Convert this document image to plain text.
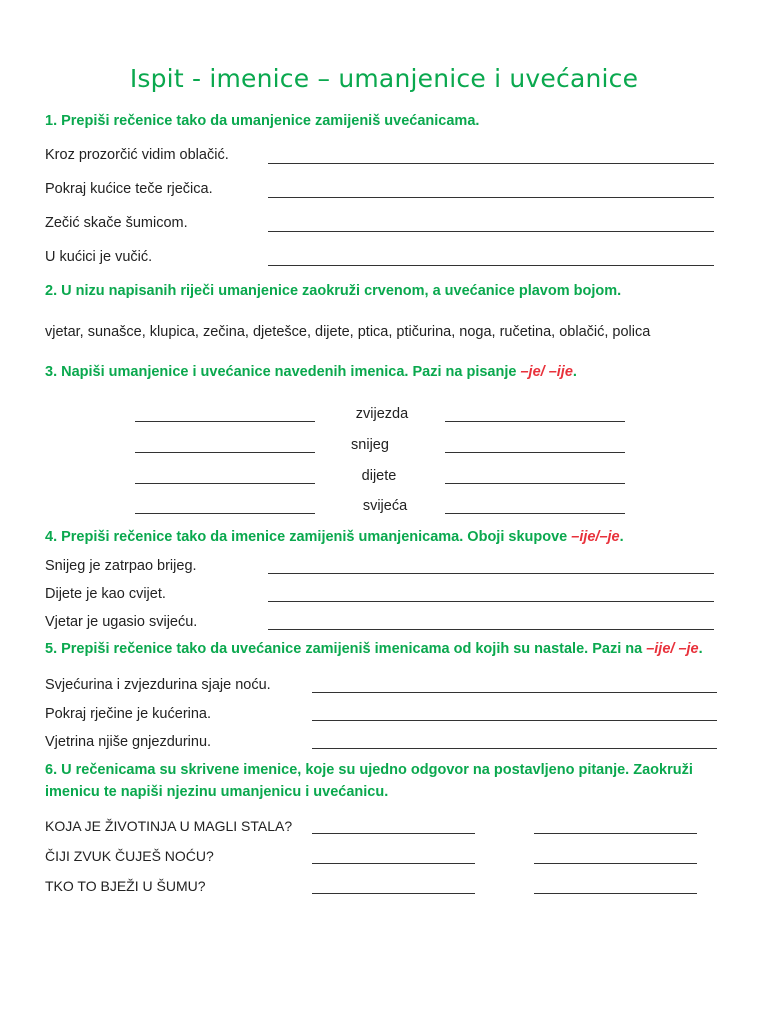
Ispit - imenice – umanjenice i uvećanice
1. Prepiši rečenice tako da umanjenice zamijeniš uvećanicama.
Kroz prozorčić vidim oblačić.
Pokraj kućice teče rječica.
Zečić skače šumicom.
U kućici je vučić.
2. U nizu napisanih riječi umanjenice zaokruži crvenom, a uvećanice plavom bojom.
vjetar, sunašce, klupica, zečina, djetešce, dijete, ptica, ptičurina, noga, ručetina, oblačić, polica
3. Napiši umanjenice i uvećanice navedenih imenica. Pazi na pisanje –je/ –ije.
zvijezda
snijeg
dijete
svijeća
4. Prepiši rečenice tako da imenice zamijeniš umanjenicama. Oboji skupove –ije/–je.
Snijeg je zatrpao brijeg.
Dijete je kao cvijet.
Vjetar je ugasio svijeću.
5. Prepiši rečenice tako da uvećanice zamijeniš imenicama od kojih su nastale. Pazi na –ije/ –je.
Svjećurina i zvjezdurina sjaje noću.
Pokraj rječine je kućerina.
Vjetrina njiše gnjezdurinu.
6. U rečenicama su skrivene imenice, koje su ujedno odgovor na postavljeno pitanje. Zaokruži
imenicu te napiši njezinu umanjenicu i uvećanicu.
KOJA JE ŽIVOTINJA U MAGLI STALA?
ČIJI ZVUK ČUJEŠ NOĆU?
TKO TO BJEŽI U ŠUMU?
